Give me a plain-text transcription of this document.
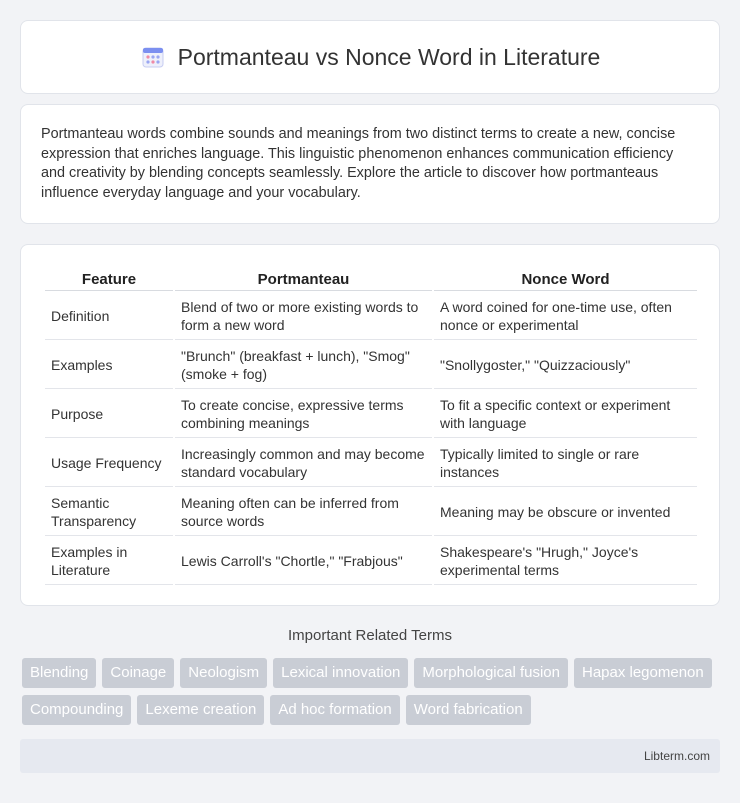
Portmanteau vs Nonce Word in Literature

Portmanteau words combine sounds and meanings from two distinct terms to create a new, concise expression that enriches language. This linguistic phenomenon enhances communication efficiency and creativity by blending concepts seamlessly. Explore the article to discover how portmanteaus influence everyday language and your vocabulary.

Feature	Portmanteau	Nonce Word
Definition	Blend of two or more existing words to form a new word	A word coined for one-time use, often nonce or experimental
Examples	"Brunch" (breakfast + lunch), "Smog" (smoke + fog)	"Snollygoster," "Quizzaciously"
Purpose	To create concise, expressive terms combining meanings	To fit a specific context or experiment with language
Usage Frequency	Increasingly common and may become standard vocabulary	Typically limited to single or rare instances
Semantic Transparency	Meaning often can be inferred from source words	Meaning may be obscure or invented
Examples in Literature	Lewis Carroll's "Chortle," "Frabjous"	Shakespeare's "Hrugh," Joyce's experimental terms
Important Related Terms
Blending	Coinage	Neologism	Lexical innovation	Morphological fusion	Hapax legomenon
Compounding	Lexeme creation	Ad hoc formation	Word fabrication
Libterm.com
